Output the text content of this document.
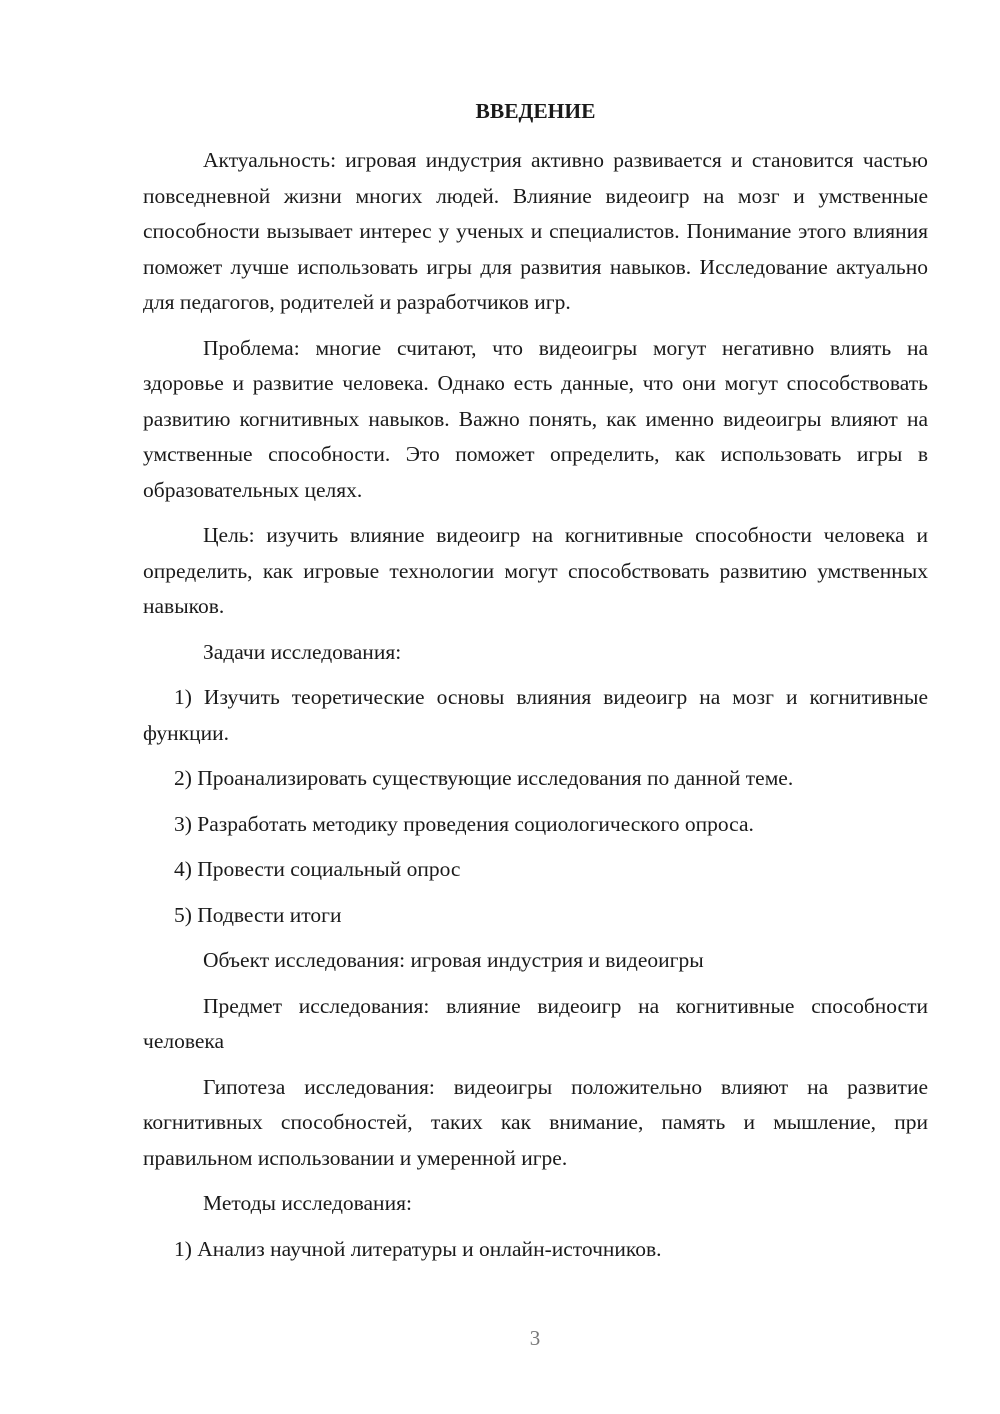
ВВЕДЕНИЕ

Актуальность: игровая индустрия активно развивается и становится частью повседневной жизни многих людей. Влияние видеоигр на мозг и умственные способности вызывает интерес у ученых и специалистов. Понимание этого влияния поможет лучше использовать игры для развития навыков. Исследование актуально для педагогов, родителей и разработчиков игр.

Проблема: многие считают, что видеоигры могут негативно влиять на здоровье и развитие человека. Однако есть данные, что они могут способствовать развитию когнитивных навыков. Важно понять, как именно видеоигры влияют на умственные способности. Это поможет определить, как использовать игры в образовательных целях.

Цель: изучить влияние видеоигр на когнитивные способности человека и определить, как игровые технологии могут способствовать развитию умственных навыков.

Задачи исследования:

1) Изучить теоретические основы влияния видеоигр на мозг и когнитивные функции.

2) Проанализировать существующие исследования по данной теме.

3) Разработать методику проведения социологического опроса.

4) Провести социальный опрос

5) Подвести итоги

Объект исследования: игровая индустрия и видеоигры

Предмет исследования: влияние видеоигр на когнитивные способности человека

Гипотеза исследования: видеоигры положительно влияют на развитие когнитивных способностей, таких как внимание, память и мышление, при правильном использовании и умеренной игре.

Методы исследования:

1) Анализ научной литературы и онлайн-источников.

3
